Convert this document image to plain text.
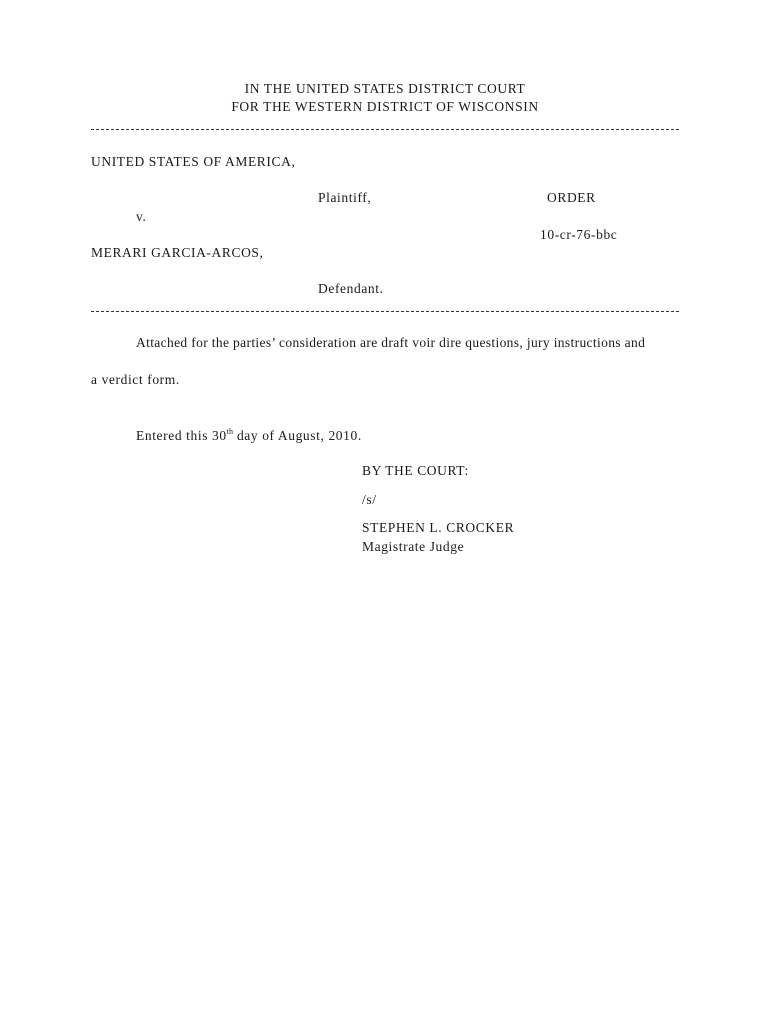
IN THE UNITED STATES DISTRICT COURT
FOR THE WESTERN DISTRICT OF WISCONSIN
UNITED STATES OF AMERICA,
Plaintiff,	ORDER
v.
10-cr-76-bbc
MERARI GARCIA-ARCOS,
Defendant.
Attached for the parties’ consideration are draft voir dire questions, jury instructions and
a verdict form.
Entered this 30th day of August, 2010.
BY THE COURT:
/s/
STEPHEN L. CROCKER
Magistrate Judge
